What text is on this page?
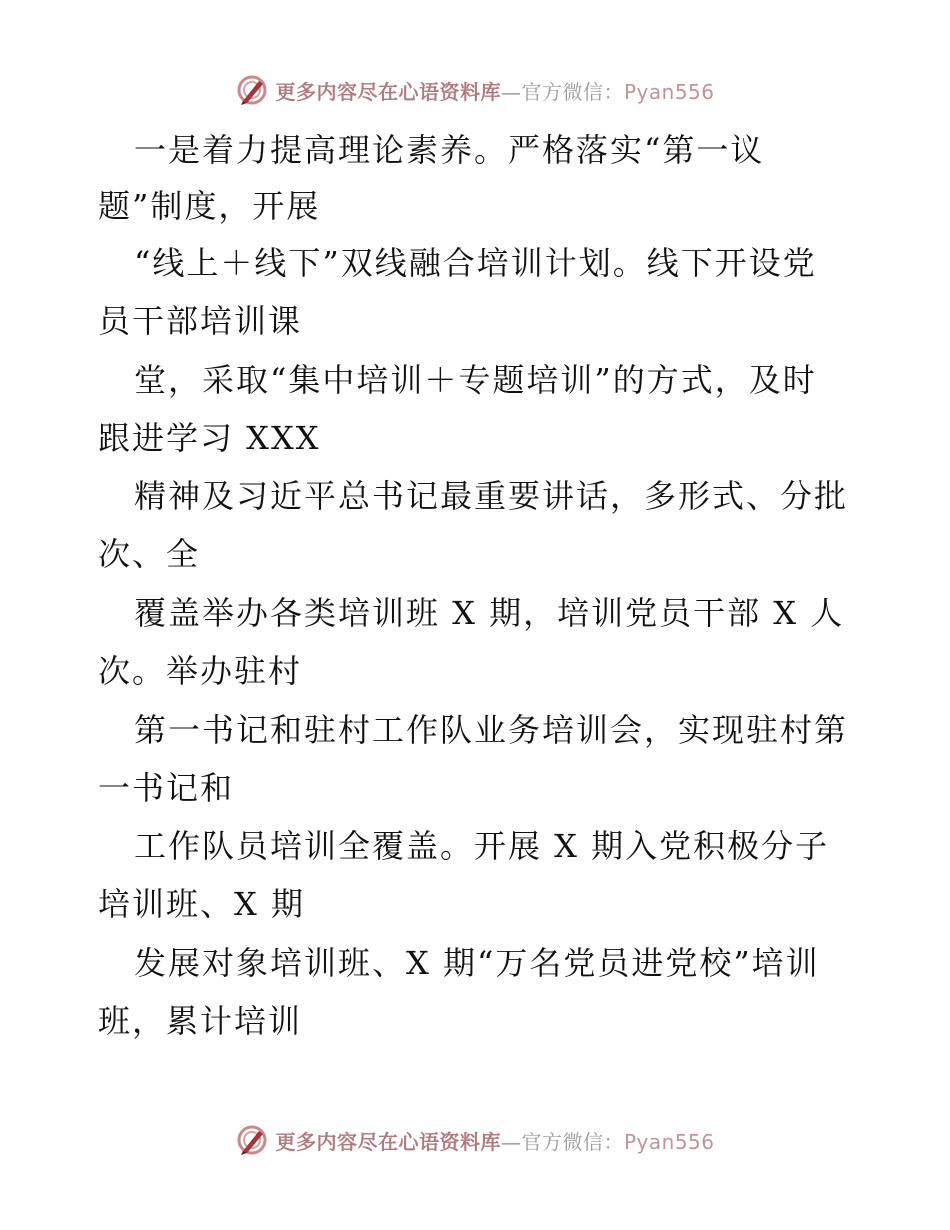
更多内容尽在心语资料库—官方微信：Pyan556
一是着力提高理论素养。严格落实“第一议
题”制度，开展
“线上＋线下”双线融合培训计划。线下开设党
员干部培训课
堂，采取“集中培训＋专题培训”的方式，及时
跟进学习 XXX
精神及习近平总书记最重要讲话，多形式、分批
次、全
覆盖举办各类培训班 X 期，培训党员干部 X 人
次。举办驻村
第一书记和驻村工作队业务培训会，实现驻村第
一书记和
工作队员培训全覆盖。开展 X 期入党积极分子
培训班、X 期
发展对象培训班、X 期“万名党员进党校”培训
班，累计培训
更多内容尽在心语资料库—官方微信：Pyan556
